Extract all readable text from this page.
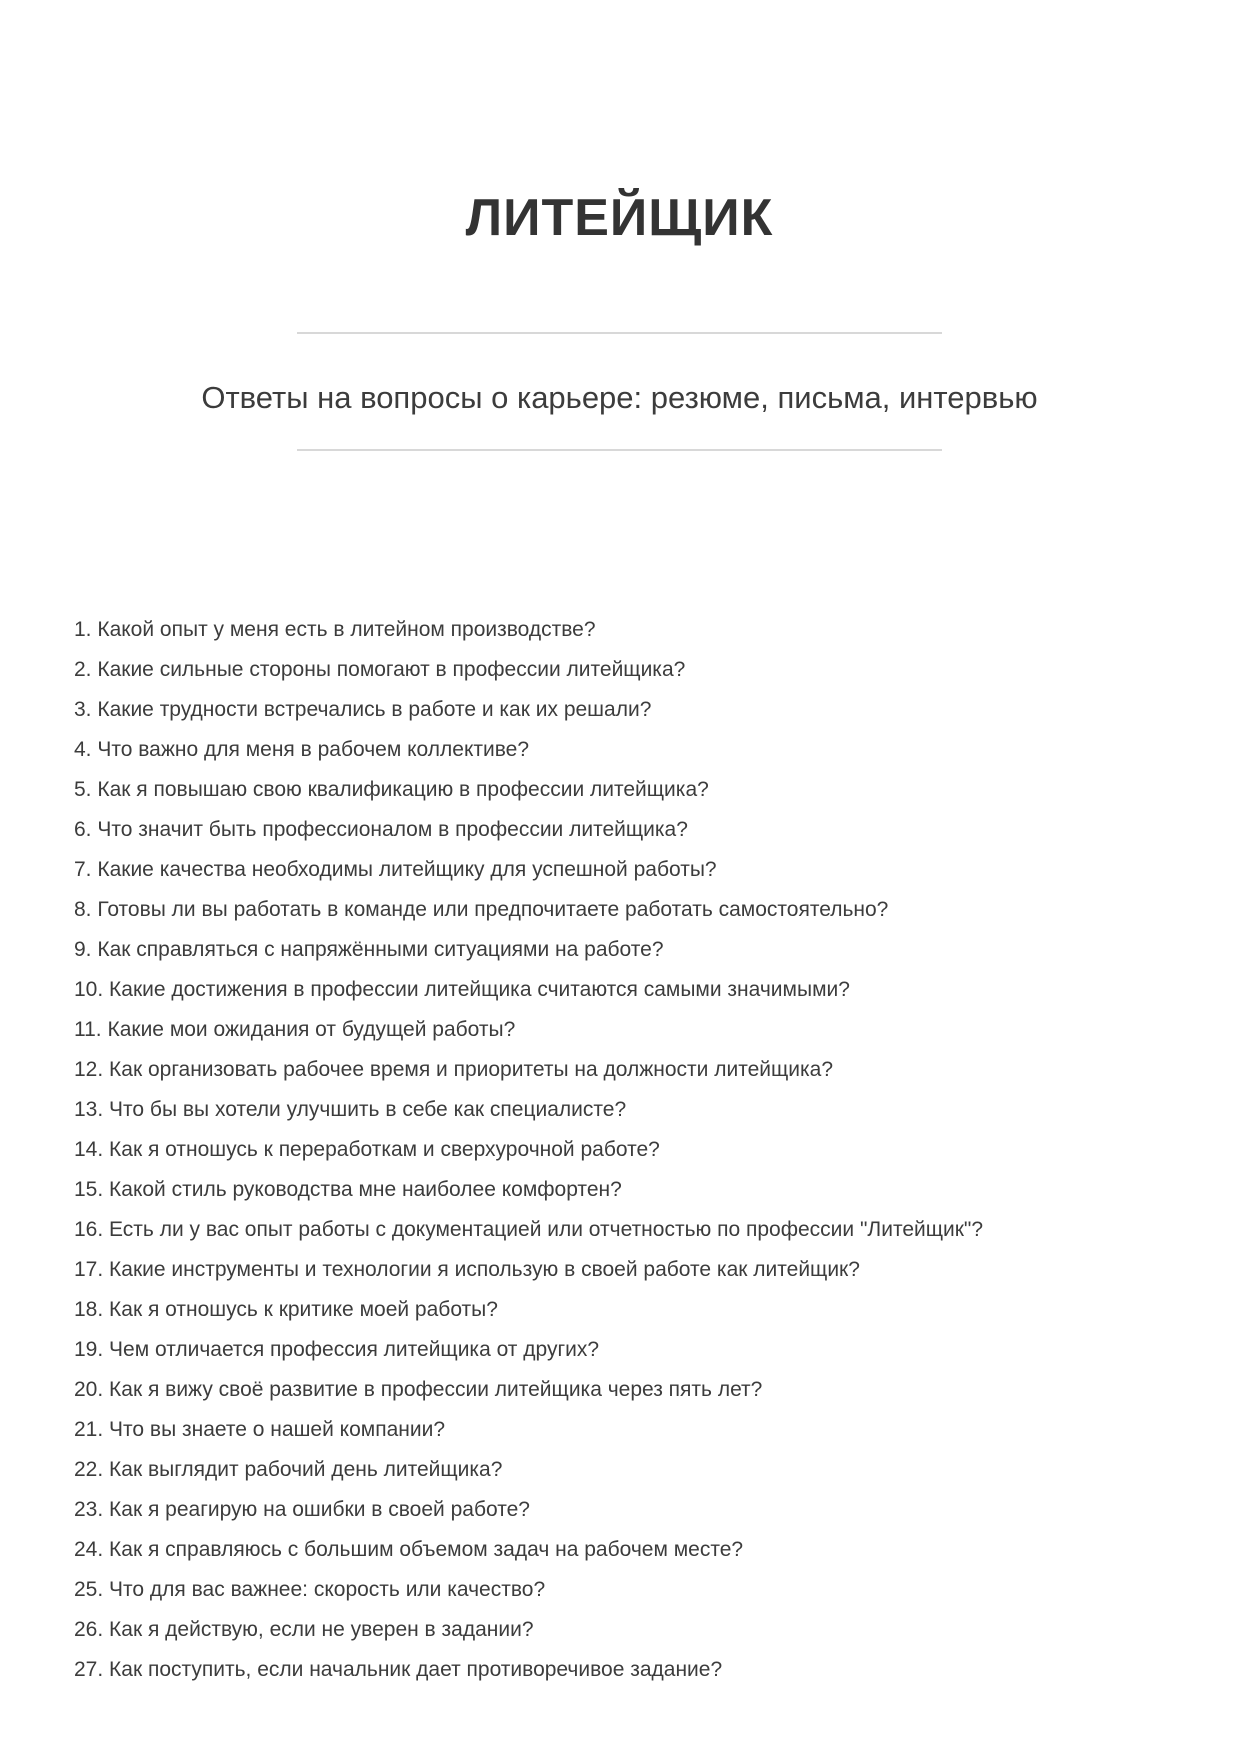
ЛИТЕЙЩИК
Ответы на вопросы о карьере: резюме, письма, интервью
1. Какой опыт у меня есть в литейном производстве?
2. Какие сильные стороны помогают в профессии литейщика?
3. Какие трудности встречались в работе и как их решали?
4. Что важно для меня в рабочем коллективе?
5. Как я повышаю свою квалификацию в профессии литейщика?
6. Что значит быть профессионалом в профессии литейщика?
7. Какие качества необходимы литейщику для успешной работы?
8. Готовы ли вы работать в команде или предпочитаете работать самостоятельно?
9. Как справляться с напряжёнными ситуациями на работе?
10. Какие достижения в профессии литейщика считаются самыми значимыми?
11. Какие мои ожидания от будущей работы?
12. Как организовать рабочее время и приоритеты на должности литейщика?
13. Что бы вы хотели улучшить в себе как специалисте?
14. Как я отношусь к переработкам и сверхурочной работе?
15. Какой стиль руководства мне наиболее комфортен?
16. Есть ли у вас опыт работы с документацией или отчетностью по профессии "Литейщик"?
17. Какие инструменты и технологии я использую в своей работе как литейщик?
18. Как я отношусь к критике моей работы?
19. Чем отличается профессия литейщика от других?
20. Как я вижу своё развитие в профессии литейщика через пять лет?
21. Что вы знаете о нашей компании?
22. Как выглядит рабочий день литейщика?
23. Как я реагирую на ошибки в своей работе?
24. Как я справляюсь с большим объемом задач на рабочем месте?
25. Что для вас важнее: скорость или качество?
26. Как я действую, если не уверен в задании?
27. Как поступить, если начальник дает противоречивое задание?
